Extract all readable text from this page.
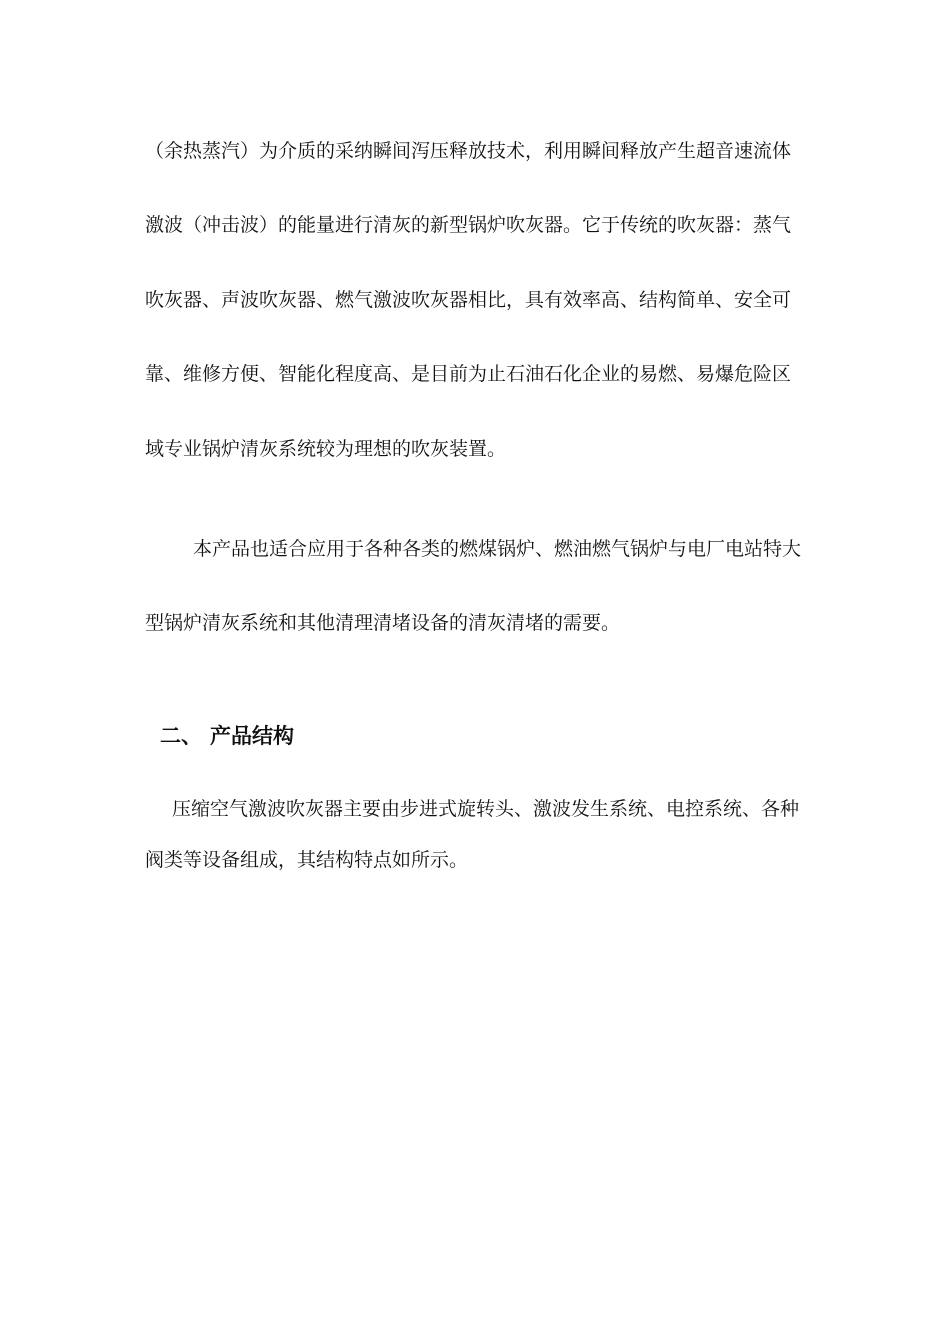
（余热蒸汽）为介质的采纳瞬间泻压释放技术，利用瞬间释放产生超音速流体
激波（冲击波）的能量进行清灰的新型锅炉吹灰器。它于传统的吹灰器：蒸气
吹灰器、声波吹灰器、燃气激波吹灰器相比，具有效率高、结构简单、安全可
靠、维修方便、智能化程度高、是目前为止石油石化企业的易燃、易爆危险区
域专业锅炉清灰系统较为理想的吹灰装置。
本产品也适合应用于各种各类的燃煤锅炉、燃油燃气锅炉与电厂电站特大
型锅炉清灰系统和其他清理清堵设备的清灰清堵的需要。
二、 产品结构
压缩空气激波吹灰器主要由步进式旋转头、激波发生系统、电控系统、各种
阀类等设备组成，其结构特点如所示。
